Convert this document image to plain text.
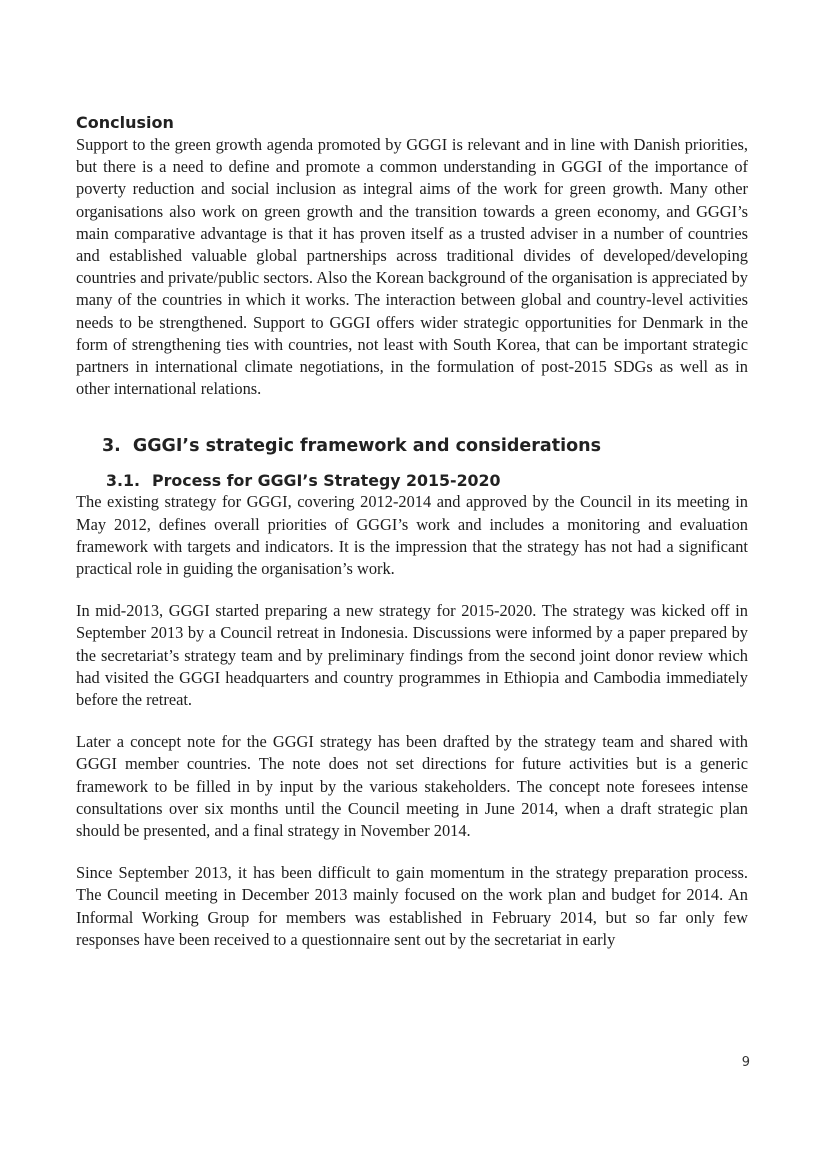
Conclusion

Support to the green growth agenda promoted by GGGI is relevant and in line with Danish priorities, but there is a need to define and promote a common understanding in GGGI of the importance of poverty reduction and social inclusion as integral aims of the work for green growth. Many other organisations also work on green growth and the transition towards a green economy, and GGGI’s main comparative advantage is that it has proven itself as a trusted adviser in a number of countries and established valuable global partnerships across traditional divides of developed/developing countries and private/public sectors. Also the Korean background of the organisation is appreciated by many of the countries in which it works. The interaction between global and country-level activities needs to be strengthened. Support to GGGI offers wider strategic opportunities for Denmark in the form of strengthening ties with countries, not least with South Korea, that can be important strategic partners in international climate negotiations, in the formulation of post-2015 SDGs as well as in other international relations.

3. GGGI’s strategic framework and considerations
3.1. Process for GGGI’s Strategy 2015-2020

The existing strategy for GGGI, covering 2012-2014 and approved by the Council in its meeting in May 2012, defines overall priorities of GGGI’s work and includes a monitoring and evaluation framework with targets and indicators. It is the impression that the strategy has not had a significant practical role in guiding the organisation’s work.

In mid-2013, GGGI started preparing a new strategy for 2015-2020. The strategy was kicked off in September 2013 by a Council retreat in Indonesia. Discussions were informed by a paper prepared by the secretariat’s strategy team and by preliminary findings from the second joint donor review which had visited the GGGI headquarters and country programmes in Ethiopia and Cambodia immediately before the retreat.

Later a concept note for the GGGI strategy has been drafted by the strategy team and shared with GGGI member countries. The note does not set directions for future activities but is a generic framework to be filled in by input by the various stakeholders. The concept note foresees intense consultations over six months until the Council meeting in June 2014, when a draft strategic plan should be presented, and a final strategy in November 2014.

Since September 2013, it has been difficult to gain momentum in the strategy preparation process. The Council meeting in December 2013 mainly focused on the work plan and budget for 2014. An Informal Working Group for members was established in February 2014, but so far only few responses have been received to a questionnaire sent out by the secretariat in early

9
